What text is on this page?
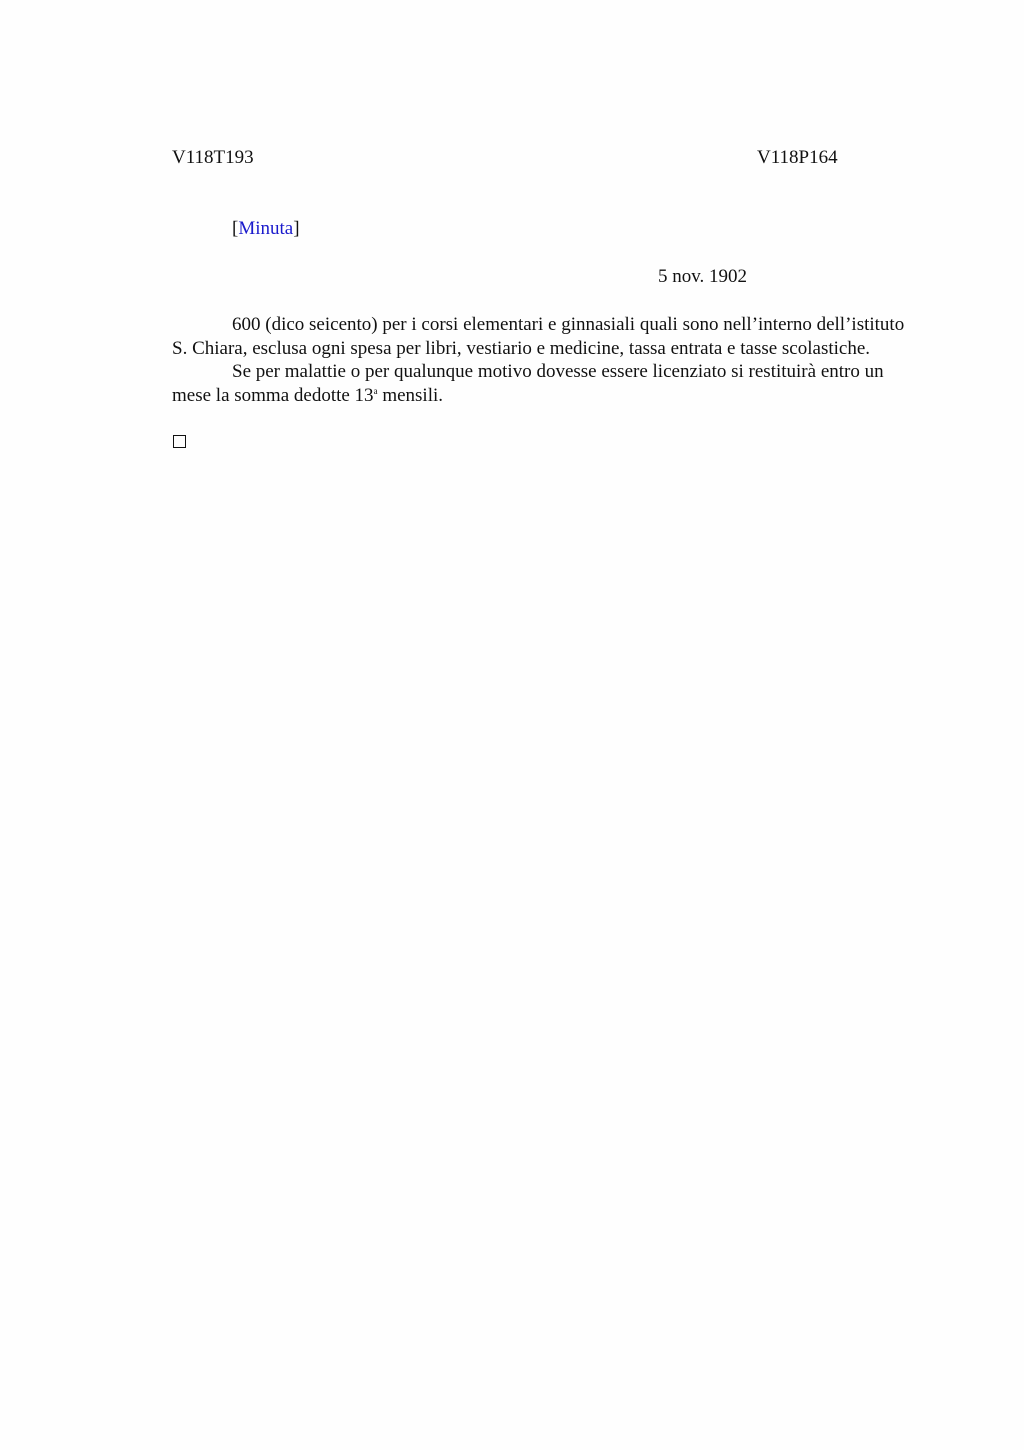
V118T193	V118P164
[Minuta]
5 nov. 1902

600 (dico seicento) per i corsi elementari e ginnasiali quali sono nell’interno dell’istituto S. Chiara, esclusa ogni spesa per libri, vestiario e medicine, tassa entrata e tasse scolastiche.

Se per malattie o per qualunque motivo dovesse essere licenziato si restituirà entro un mese la somma dedotte 13$^a$ mensili.
